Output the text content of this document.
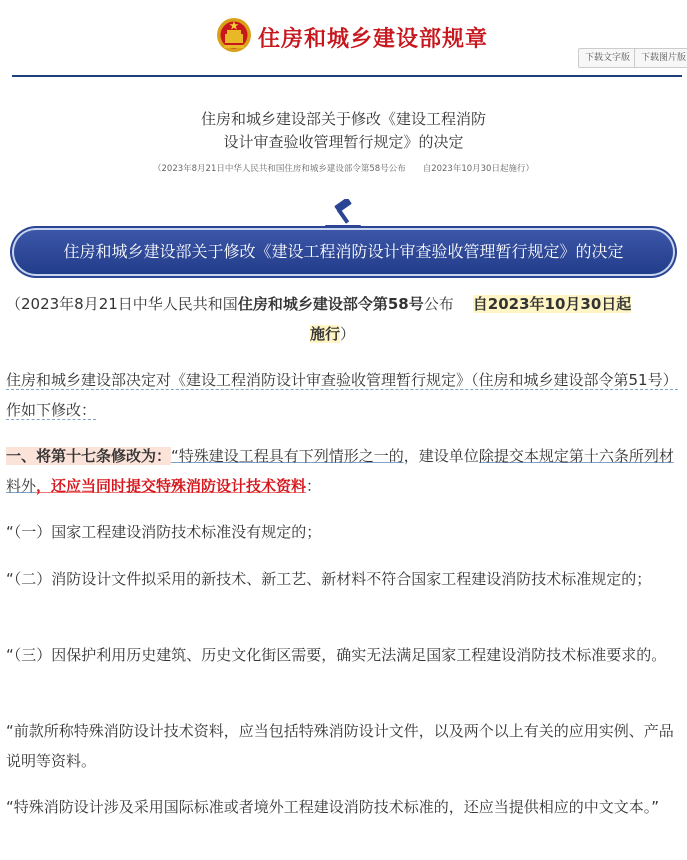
住房和城乡建设部规章
下载文字版	下载图片版
住房和城乡建设部关于修改《建设工程消防
设计审查验收管理暂行规定》的决定
（2023年8月21日中华人民共和国住房和城乡建设部令第58号公布　　自2023年10月30日起施行）
住房和城乡建设部关于修改《建设工程消防设计审查验收管理暂行规定》的决定
（2023年8月21日中华人民共和国住房和城乡建设部令第58号公布 自2023年10月30日起
施行）
住房和城乡建设部决定对《建设工程消防设计审查验收管理暂行规定》（住房和城乡建设部令第51号）作如下修改：
一、将第十七条修改为：“特殊建设工程具有下列情形之一的，建设单位除提交本规定第十六条所列材料外，还应当同时提交特殊消防设计技术资料：
“（一）国家工程建设消防技术标准没有规定的；
“（二）消防设计文件拟采用的新技术、新工艺、新材料不符合国家工程建设消防技术标准规定的；
“（三）因保护利用历史建筑、历史文化街区需要，确实无法满足国家工程建设消防技术标准要求的。
“前款所称特殊消防设计技术资料，应当包括特殊消防设计文件，以及两个以上有关的应用实例、产品说明等资料。
“特殊消防设计涉及采用国际标准或者境外工程建设消防技术标准的，还应当提供相应的中文文本。”
